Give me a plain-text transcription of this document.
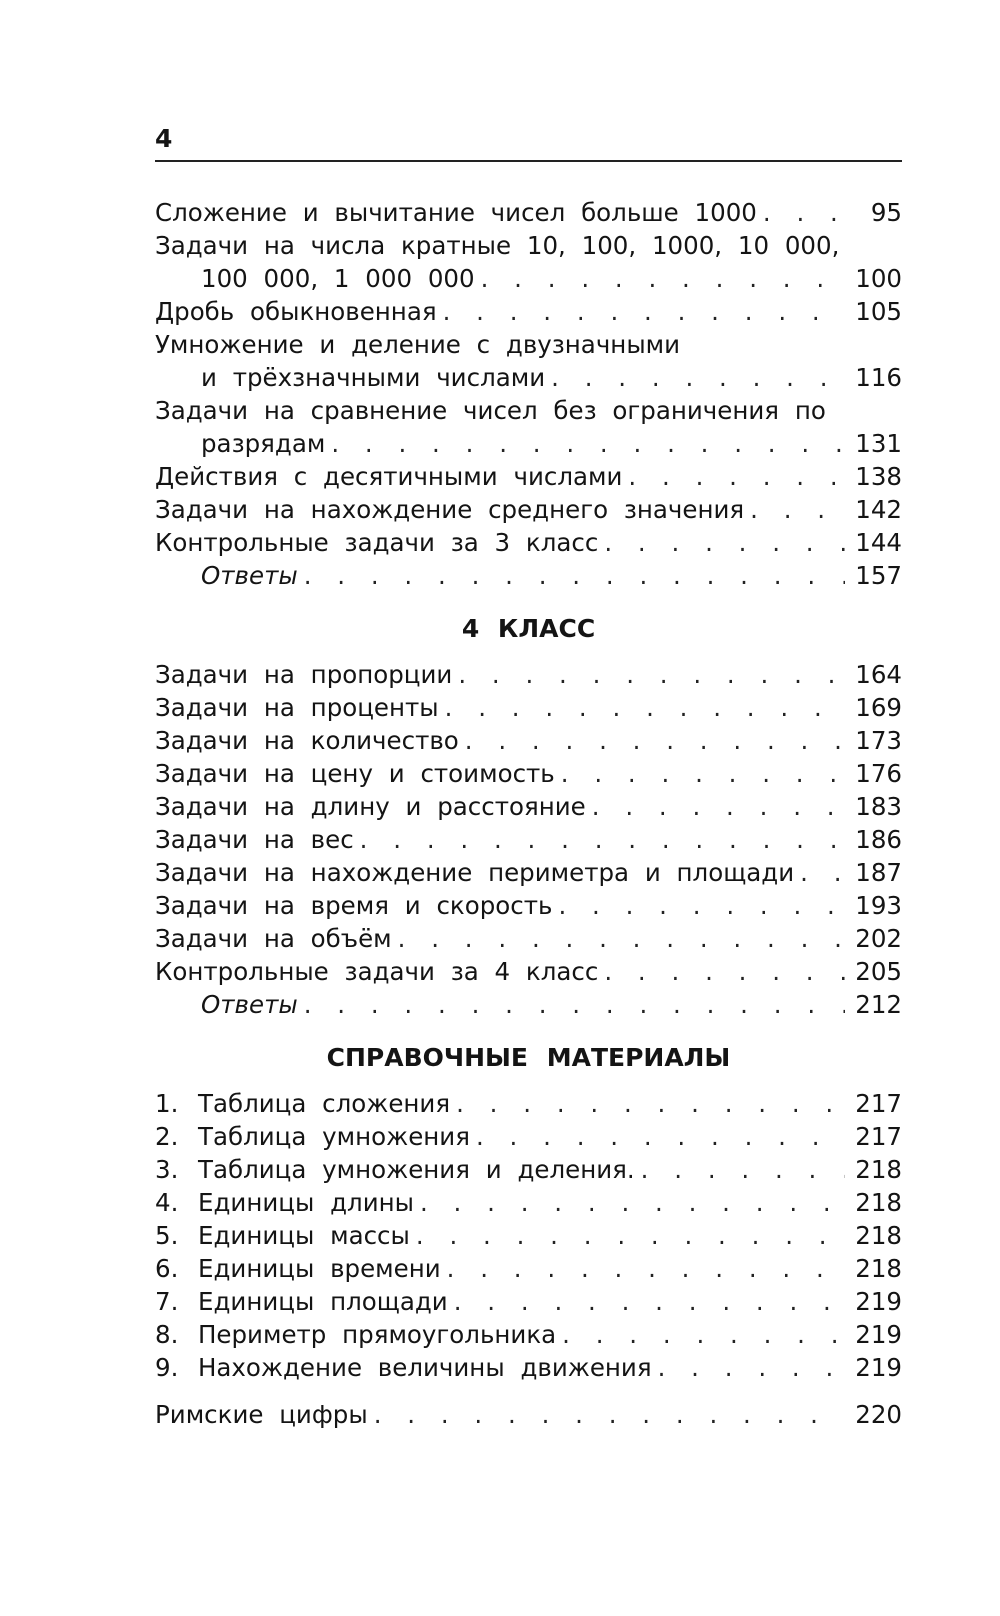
4
Сложение и вычитание чисел больше 1000 . . .	95
Задачи на числа кратные 10, 100, 1000, 10 000,
100 000, 1 000 000 . . .	100
Дробь обыкновенная . . .	105
Умножение и деление с двузначными
и трёхзначными числами . . .	116
Задачи на сравнение чисел без ограничения по
разрядам . . .	131
Действия с десятичными числами . . .	138
Задачи на нахождение среднего значения . . .	142
Контрольные задачи за 3 класс . . .	144
Ответы . . .	157
4 КЛАСС
Задачи на пропорции . . .	164
Задачи на проценты . . .	169
Задачи на количество . . .	173
Задачи на цену и стоимость . . .	176
Задачи на длину и расстояние . . .	183
Задачи на вес . . .	186
Задачи на нахождение периметра и площади . . . 187
Задачи на время и скорость . . .	193
Задачи на объём . . .	202
Контрольные задачи за 4 класс . . .	205
Ответы . . .	212
СПРАВОЧНЫЕ МАТЕРИАЛЫ
1. Таблица сложения . . .	217
2. Таблица умножения . . .	217
3. Таблица умножения и деления. . . .	218
4. Единицы длины . . .	218
5. Единицы массы . . .	218
6. Единицы времени . . .	218
7. Единицы площади . . .	219
8. Периметр прямоугольника . . .	219
9. Нахождение величины движения . . .	219
Римские цифры . . .	220
